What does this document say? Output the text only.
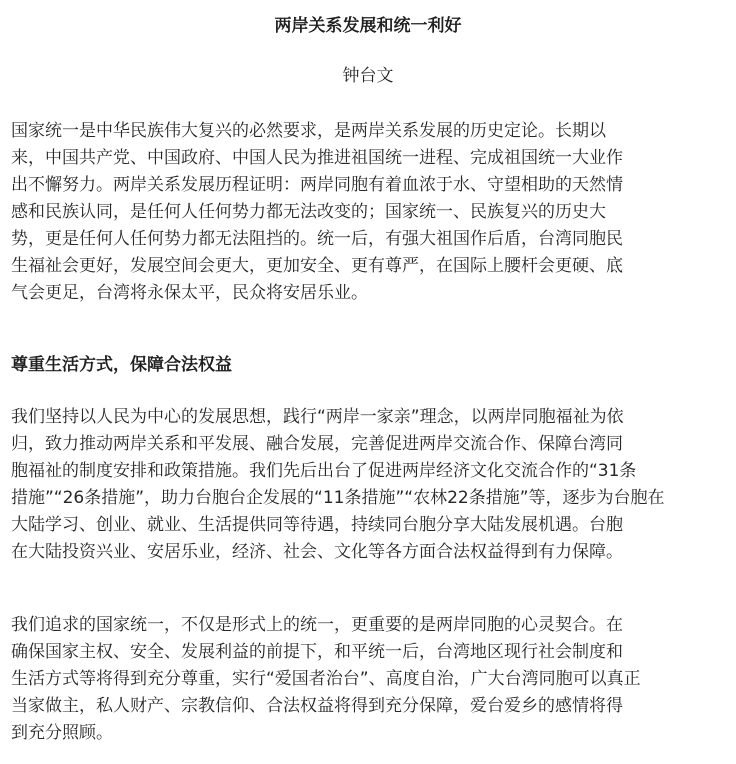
两岸关系发展和统一利好
钟台文
国家统一是中华民族伟大复兴的必然要求，是两岸关系发展的历史定论。长期以
来，中国共产党、中国政府、中国人民为推进祖国统一进程、完成祖国统一大业作
出不懈努力。两岸关系发展历程证明：两岸同胞有着血浓于水、守望相助的天然情
感和民族认同，是任何人任何势力都无法改变的；国家统一、民族复兴的历史大
势，更是任何人任何势力都无法阻挡的。统一后，有强大祖国作后盾，台湾同胞民
生福祉会更好，发展空间会更大，更加安全、更有尊严，在国际上腰杆会更硬、底
气会更足，台湾将永保太平，民众将安居乐业。
尊重生活方式，保障合法权益
我们坚持以人民为中心的发展思想，践行“两岸一家亲”理念，以两岸同胞福祉为依
归，致力推动两岸关系和平发展、融合发展，完善促进两岸交流合作、保障台湾同
胞福祉的制度安排和政策措施。我们先后出台了促进两岸经济文化交流合作的“31条
措施”“26条措施”，助力台胞台企发展的“11条措施”“农林22条措施”等，逐步为台胞在
大陆学习、创业、就业、生活提供同等待遇，持续同台胞分享大陆发展机遇。台胞
在大陆投资兴业、安居乐业，经济、社会、文化等各方面合法权益得到有力保障。
我们追求的国家统一，不仅是形式上的统一，更重要的是两岸同胞的心灵契合。在
确保国家主权、安全、发展利益的前提下，和平统一后，台湾地区现行社会制度和
生活方式等将得到充分尊重，实行“爱国者治台”、高度自治，广大台湾同胞可以真正
当家做主，私人财产、宗教信仰、合法权益将得到充分保障，爱台爱乡的感情将得
到充分照顾。
